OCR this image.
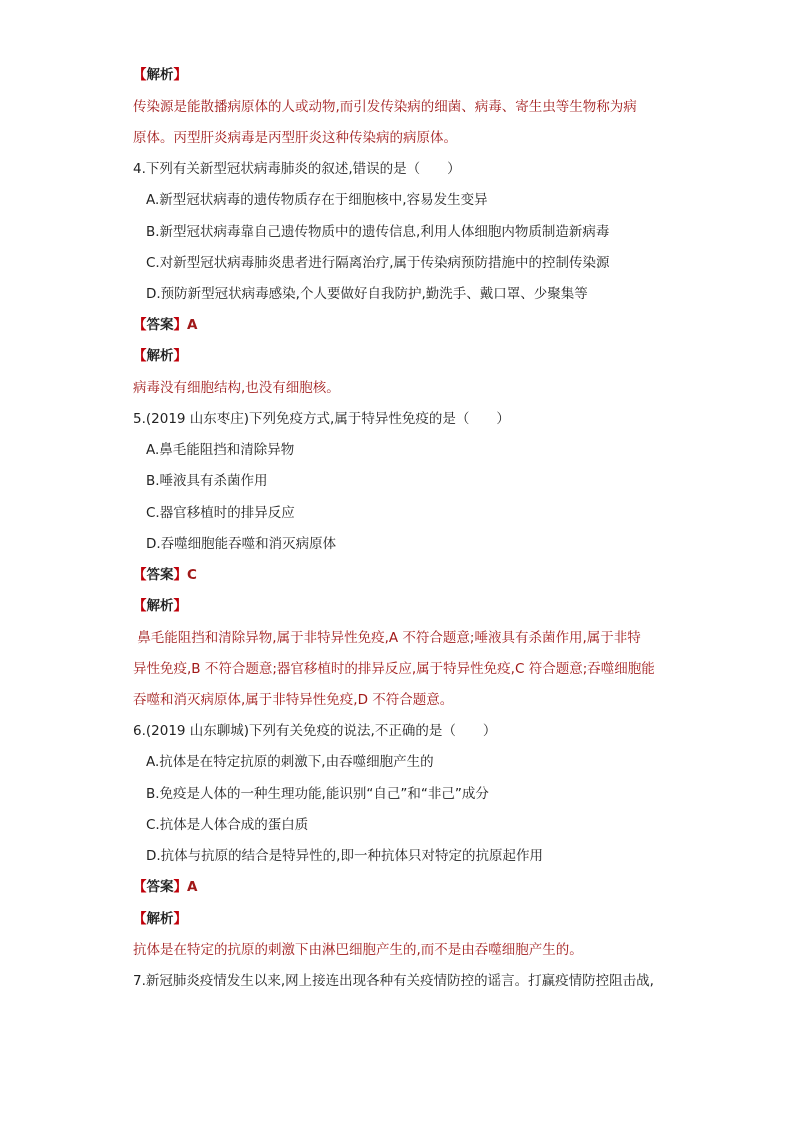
【解析】
传染源是能散播病原体的人或动物,而引发传染病的细菌、病毒、寄生虫等生物称为病
原体。丙型肝炎病毒是丙型肝炎这种传染病的病原体。
4.下列有关新型冠状病毒肺炎的叙述,错误的是（　　）
A.新型冠状病毒的遗传物质存在于细胞核中,容易发生变异
B.新型冠状病毒靠自己遗传物质中的遗传信息,利用人体细胞内物质制造新病毒
C.对新型冠状病毒肺炎患者进行隔离治疗,属于传染病预防措施中的控制传染源
D.预防新型冠状病毒感染,个人要做好自我防护,勤洗手、戴口罩、少聚集等
【答案】A
【解析】
病毒没有细胞结构,也没有细胞核。
5.(2019 山东枣庄)下列免疫方式,属于特异性免疫的是（　　）
A.鼻毛能阻挡和清除异物
B.唾液具有杀菌作用
C.器官移植时的排异反应
D.吞噬细胞能吞噬和消灭病原体
【答案】C
【解析】
鼻毛能阻挡和清除异物,属于非特异性免疫,A 不符合题意;唾液具有杀菌作用,属于非特
异性免疫,B 不符合题意;器官移植时的排异反应,属于特异性免疫,C 符合题意;吞噬细胞能
吞噬和消灭病原体,属于非特异性免疫,D 不符合题意。
6.(2019 山东聊城)下列有关免疫的说法,不正确的是（　　）
A.抗体是在特定抗原的刺激下,由吞噬细胞产生的
B.免疫是人体的一种生理功能,能识别“自己”和“非己”成分
C.抗体是人体合成的蛋白质
D.抗体与抗原的结合是特异性的,即一种抗体只对特定的抗原起作用
【答案】A
【解析】
抗体是在特定的抗原的刺激下由淋巴细胞产生的,而不是由吞噬细胞产生的。
7.新冠肺炎疫情发生以来,网上接连出现各种有关疫情防控的谣言。打赢疫情防控阻击战,
